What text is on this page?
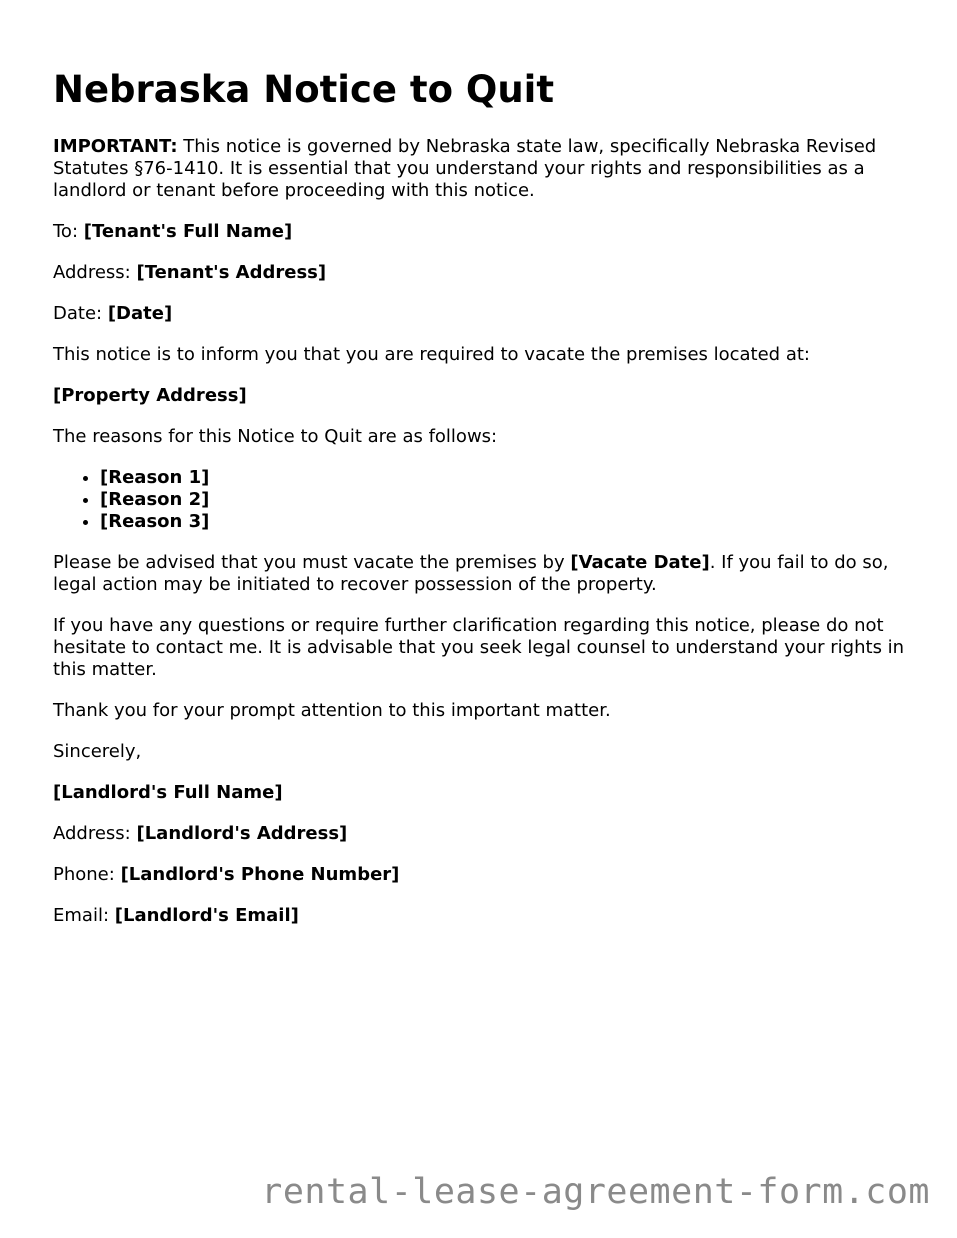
Nebraska Notice to Quit

IMPORTANT: This notice is governed by Nebraska state law, specifically Nebraska Revised Statutes §76-1410. It is essential that you understand your rights and responsibilities as a landlord or tenant before proceeding with this notice.

To: [Tenant's Full Name]

Address: [Tenant's Address]

Date: [Date]

This notice is to inform you that you are required to vacate the premises located at:

[Property Address]

The reasons for this Notice to Quit are as follows:

• [Reason 1]
• [Reason 2]
• [Reason 3]

Please be advised that you must vacate the premises by [Vacate Date]. If you fail to do so, legal action may be initiated to recover possession of the property.

If you have any questions or require further clarification regarding this notice, please do not hesitate to contact me. It is advisable that you seek legal counsel to understand your rights in this matter.

Thank you for your prompt attention to this important matter.

Sincerely,

[Landlord's Full Name]

Address: [Landlord's Address]

Phone: [Landlord's Phone Number]

Email: [Landlord's Email]

rental-lease-agreement-form.com
